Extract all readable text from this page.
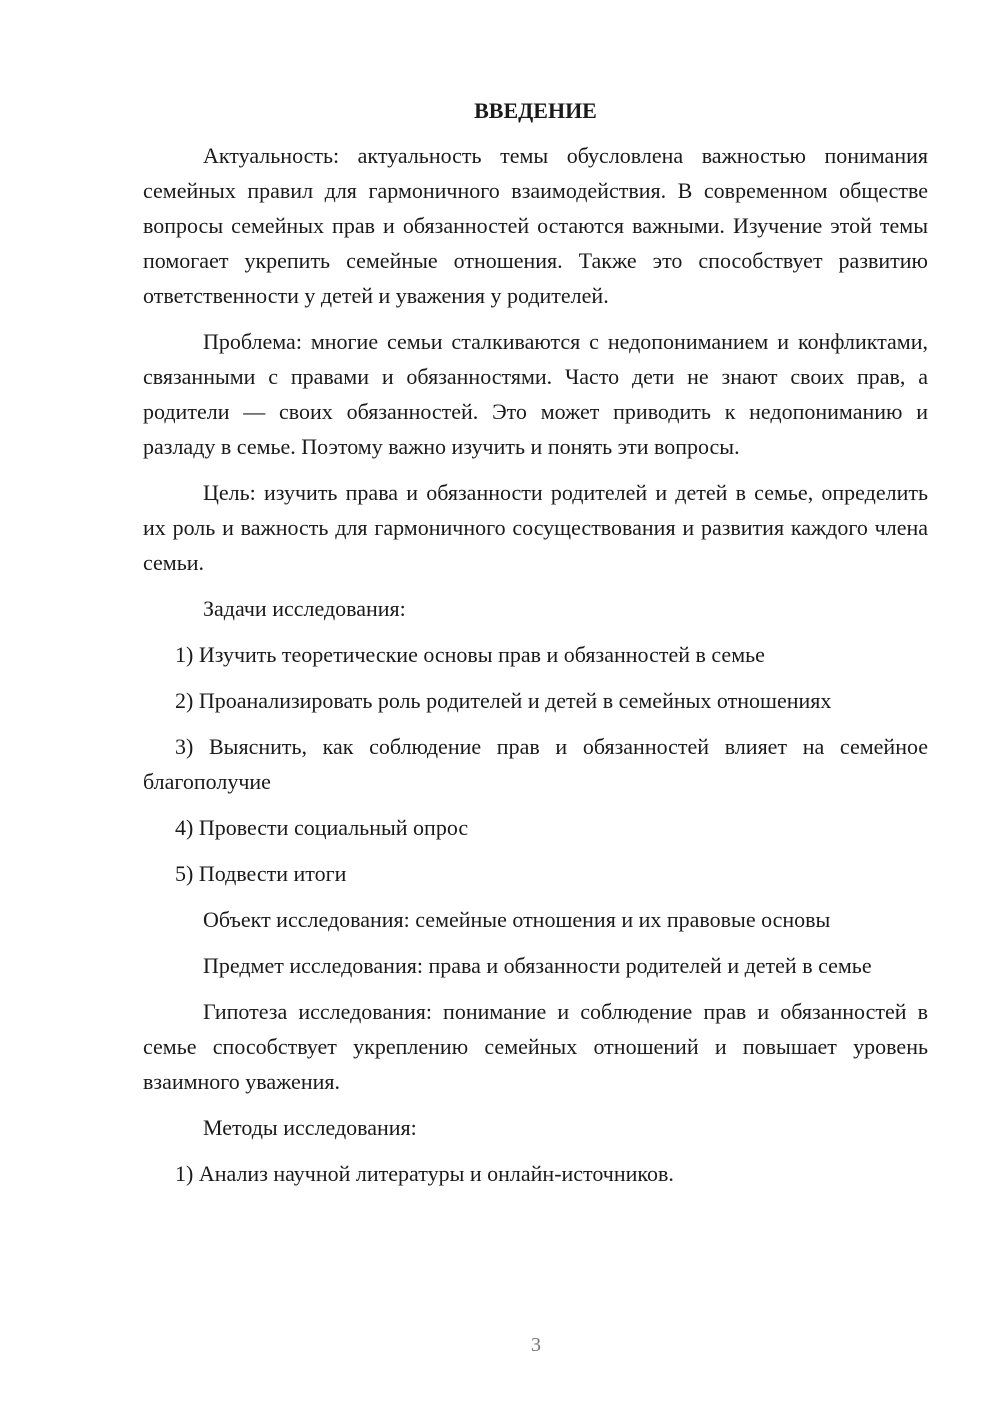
ВВЕДЕНИЕ

Актуальность: актуальность темы обусловлена важностью понимания семейных правил для гармоничного взаимодействия. В современном обществе вопросы семейных прав и обязанностей остаются важными. Изучение этой темы помогает укрепить семейные отношения. Также это способствует развитию ответственности у детей и уважения у родителей.

Проблема: многие семьи сталкиваются с недопониманием и конфликтами, связанными с правами и обязанностями. Часто дети не знают своих прав, а родители — своих обязанностей. Это может приводить к недопониманию и разладу в семье. Поэтому важно изучить и понять эти вопросы.

Цель: изучить права и обязанности родителей и детей в семье, определить их роль и важность для гармоничного сосуществования и развития каждого члена семьи.

Задачи исследования:

1) Изучить теоретические основы прав и обязанностей в семье

2) Проанализировать роль родителей и детей в семейных отношениях

3) Выяснить, как соблюдение прав и обязанностей влияет на семейное благополучие

4) Провести социальный опрос

5) Подвести итоги

Объект исследования: семейные отношения и их правовые основы

Предмет исследования: права и обязанности родителей и детей в семье

Гипотеза исследования: понимание и соблюдение прав и обязанностей в семье способствует укреплению семейных отношений и повышает уровень взаимного уважения.

Методы исследования:

1) Анализ научной литературы и онлайн-источников.

3
